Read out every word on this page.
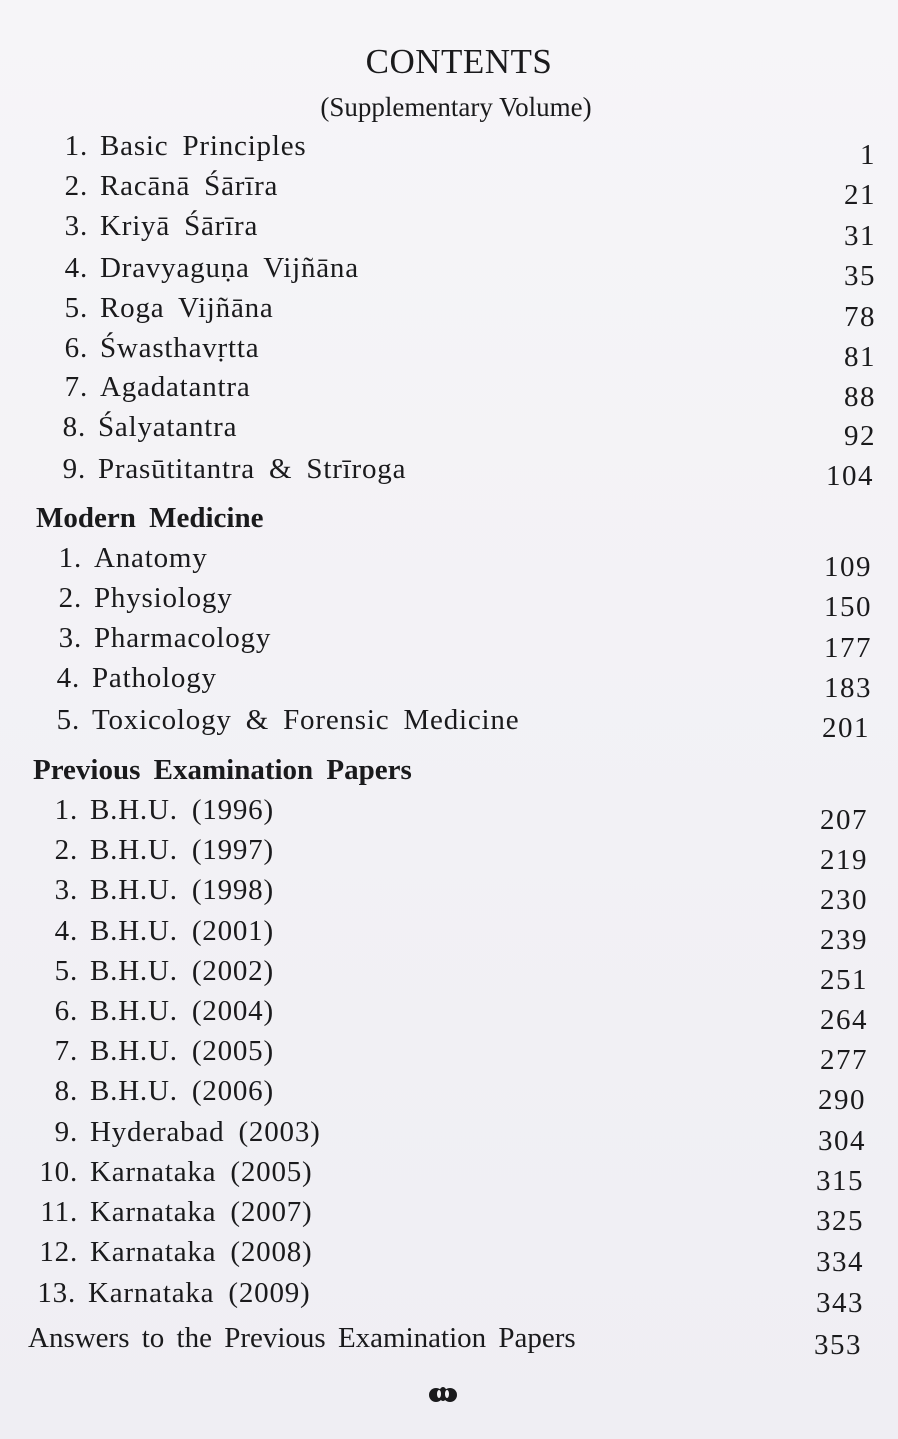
CONTENTS
(Supplementary Volume)
1. Basic Principles	1
2. Racānā Śārīra	21
3. Kriyā Śārīra	31
4. Dravyaguṇa Vijñāna	35
5. Roga Vijñāna	78
6. Śwasthavṛtta	81
7. Agadatantra	88
8. Śalyatantra	92
9. Prasūtitantra & Strīroga	104
Modern Medicine
1. Anatomy	109
2. Physiology	150
3. Pharmacology	177
4. Pathology	183
5. Toxicology & Forensic Medicine	201
Previous Examination Papers
1. B.H.U. (1996)	207
2. B.H.U. (1997)	219
3. B.H.U. (1998)	230
4. B.H.U. (2001)	239
5. B.H.U. (2002)	251
6. B.H.U. (2004)	264
7. B.H.U. (2005)	277
8. B.H.U. (2006)	290
9. Hyderabad (2003)	304
10. Karnataka (2005)	315
11. Karnataka (2007)	325
12. Karnataka (2008)	334
13. Karnataka (2009)	343
Answers to the Previous Examination Papers	353
